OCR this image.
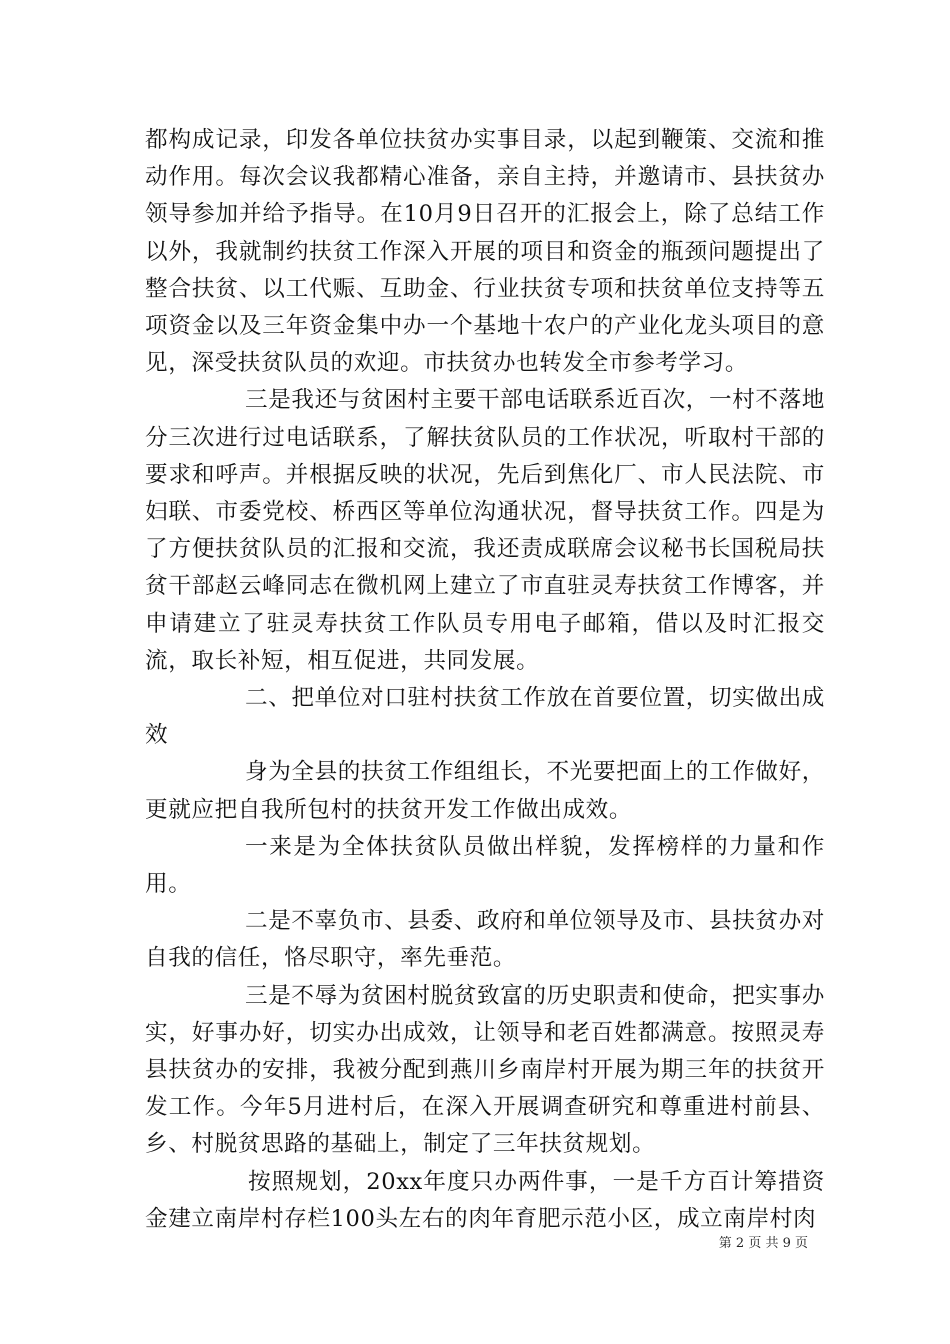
都构成记录，印发各单位扶贫办实事目录，以起到鞭策、交流和推动作用。每次会议我都精心准备，亲自主持，并邀请市、县扶贫办领导参加并给予指导。在10月9日召开的汇报会上，除了总结工作以外，我就制约扶贫工作深入开展的项目和资金的瓶颈问题提出了整合扶贫、以工代赈、互助金、行业扶贫专项和扶贫单位支持等五项资金以及三年资金集中办一个基地十农户的产业化龙头项目的意见，深受扶贫队员的欢迎。市扶贫办也转发全市参考学习。

三是我还与贫困村主要干部电话联系近百次，一村不落地分三次进行过电话联系，了解扶贫队员的工作状况，听取村干部的要求和呼声。并根据反映的状况，先后到焦化厂、市人民法院、市妇联、市委党校、桥西区等单位沟通状况，督导扶贫工作。四是为了方便扶贫队员的汇报和交流，我还责成联席会议秘书长国税局扶贫干部赵云峰同志在微机网上建立了市直驻灵寿扶贫工作博客，并申请建立了驻灵寿扶贫工作队员专用电子邮箱，借以及时汇报交流，取长补短，相互促进，共同发展。

二、把单位对口驻村扶贫工作放在首要位置，切实做出成效

身为全县的扶贫工作组组长，不光要把面上的工作做好，更就应把自我所包村的扶贫开发工作做出成效。

一来是为全体扶贫队员做出样貌，发挥榜样的力量和作用。

二是不辜负市、县委、政府和单位领导及市、县扶贫办对自我的信任，恪尽职守，率先垂范。

三是不辱为贫困村脱贫致富的历史职责和使命，把实事办实，好事办好，切实办出成效，让领导和老百姓都满意。按照灵寿县扶贫办的安排，我被分配到燕川乡南岸村开展为期三年的扶贫开发工作。今年5月进村后，在深入开展调查研究和尊重进村前县、乡、村脱贫思路的基础上，制定了三年扶贫规划。

按照规划，20xx年度只办两件事，一是千方百计筹措资金建立南岸村存栏100头左右的肉年育肥示范小区，成立南岸村肉

第 2 页 共 9 页
